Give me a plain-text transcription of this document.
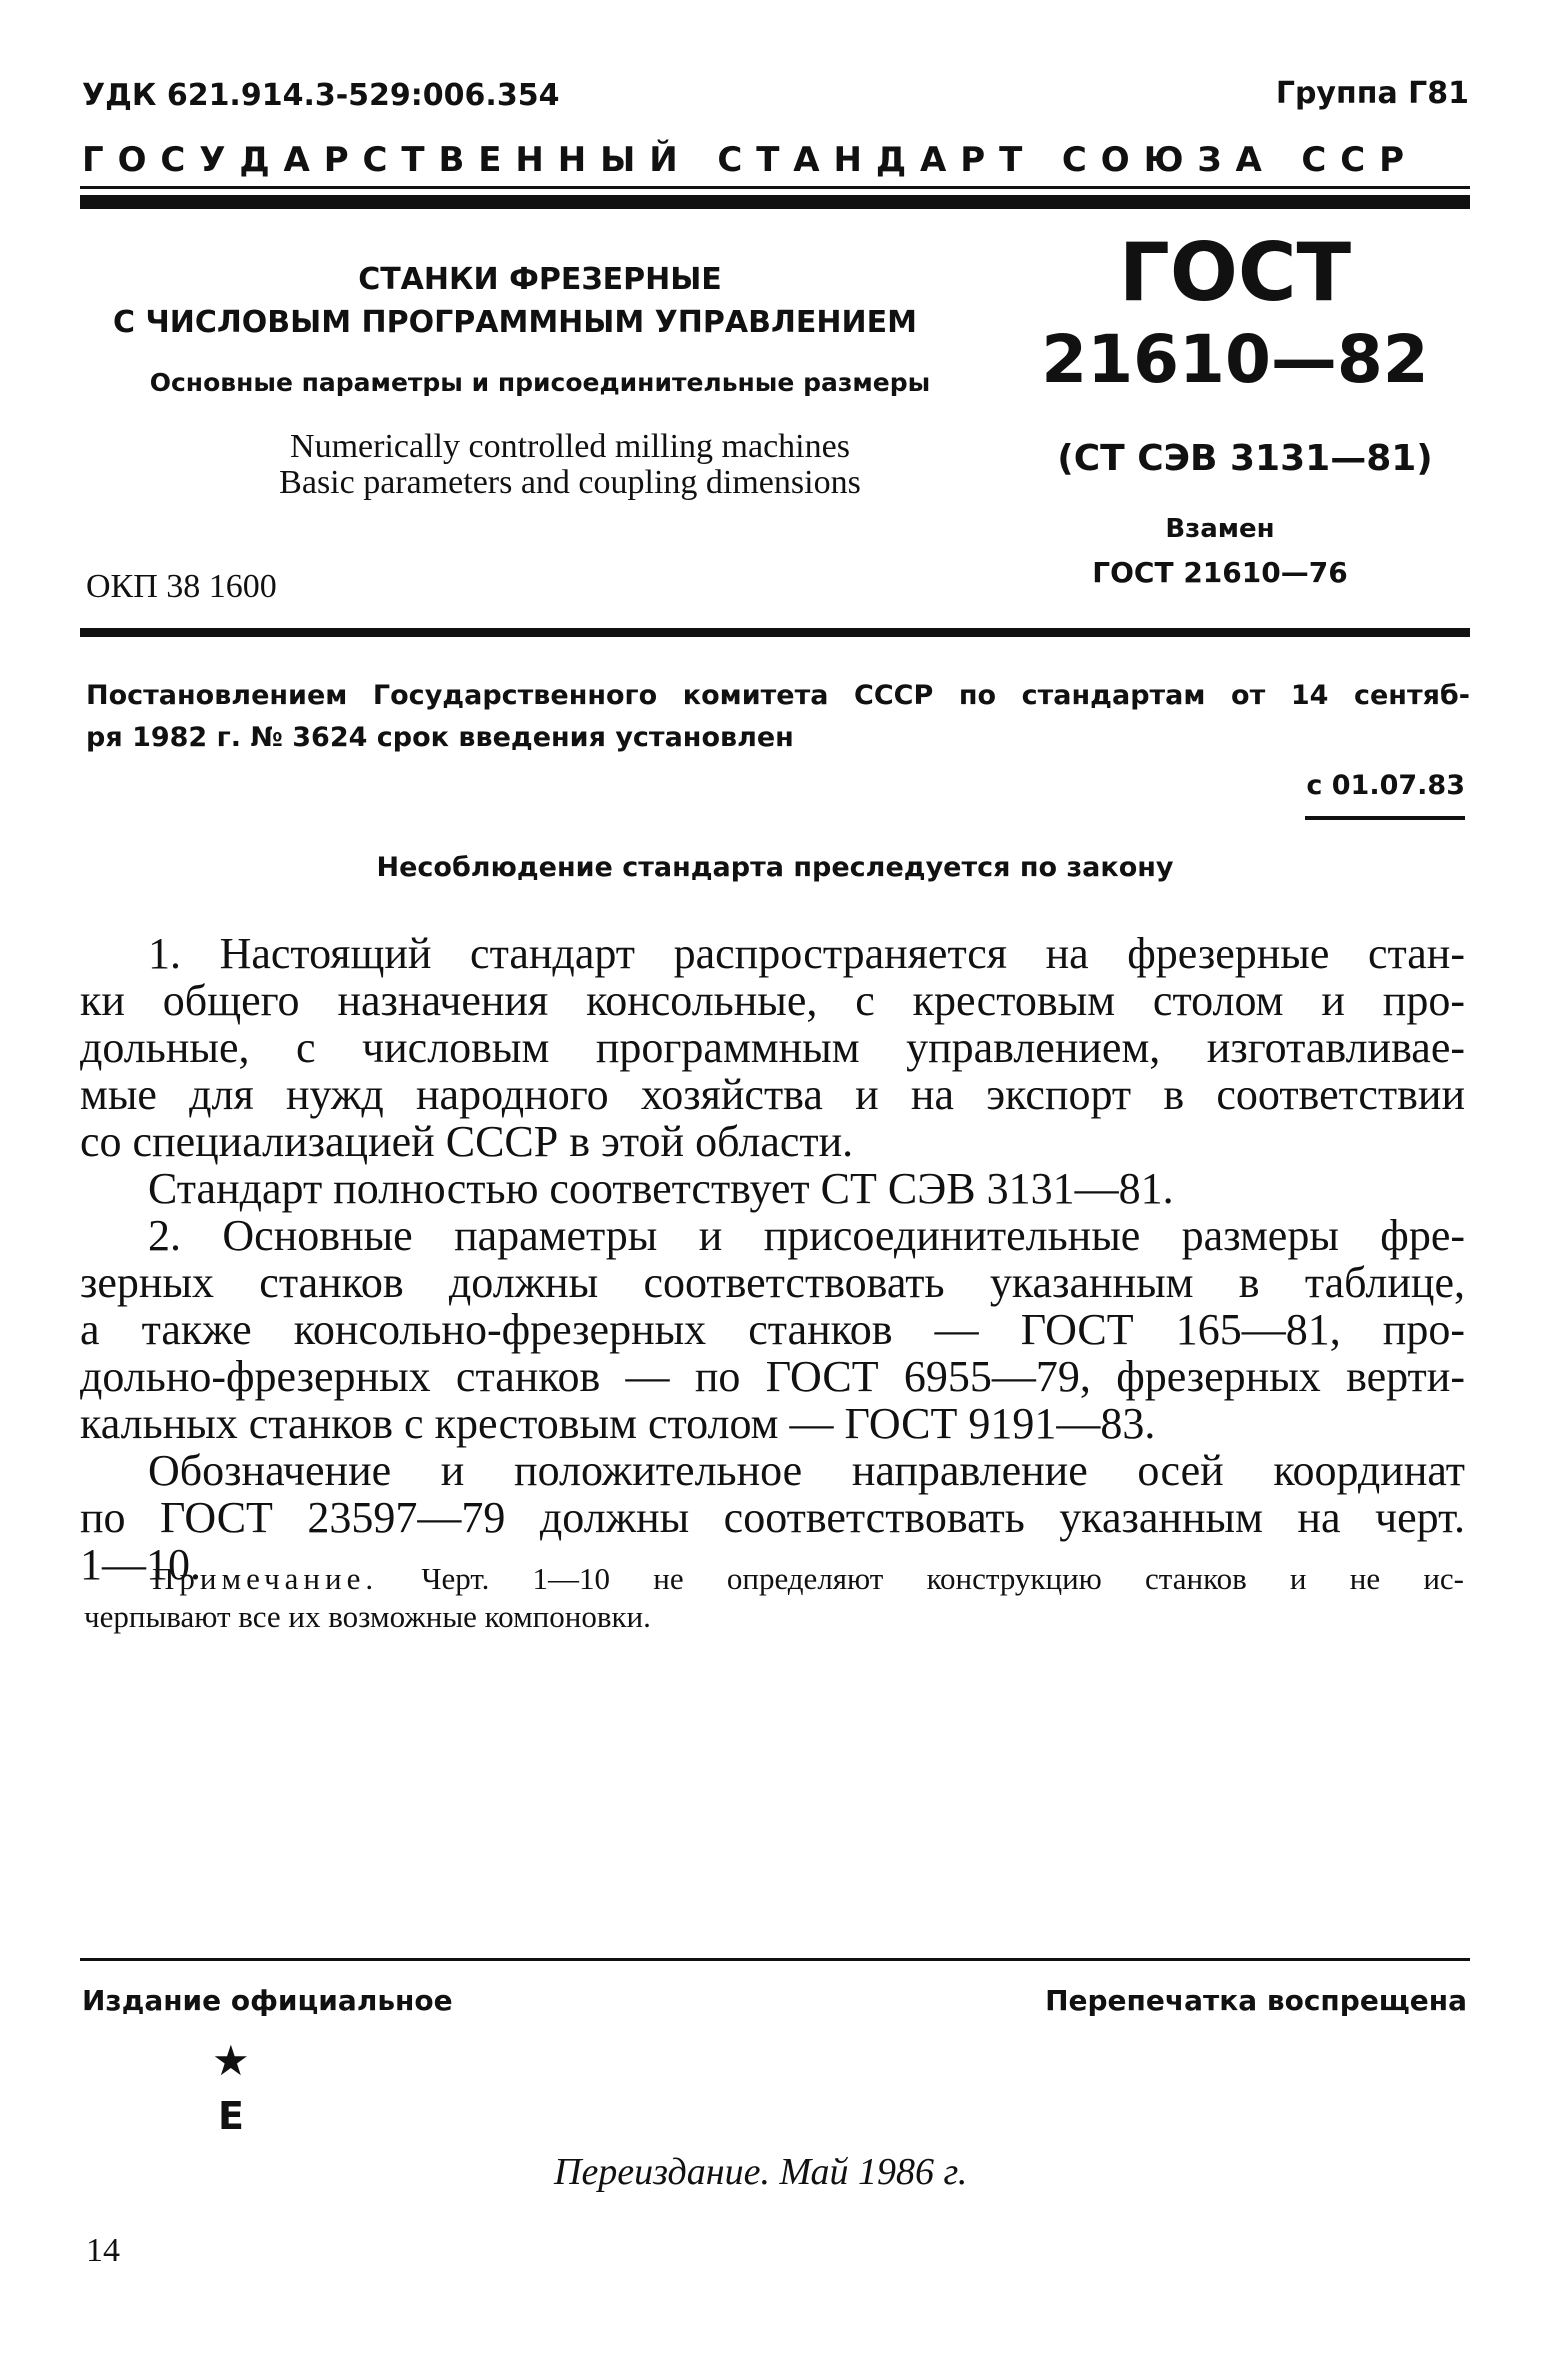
УДК 621.914.3-529:006.354	Группа Г81
ГОСУДАРСТВЕННЫЙ СТАНДАРТ СОЮЗА ССР
СТАНКИ ФРЕЗЕРНЫЕ
С ЧИСЛОВЫМ ПРОГРАММНЫМ УПРАВЛЕНИЕМ
Основные параметры и присоединительные размеры
Numerically controlled milling machines
Basic parameters and coupling dimensions
ОКП 38 1600
ГОСТ
21610—82
(СТ СЭВ 3131—81)
Взамен
ГОСТ 21610—76
Постановлением Государственного комитета СССР по стандартам от 14 сентяб-
ря 1982 г. № 3624 срок введения установлен
с 01.07.83
Несоблюдение стандарта преследуется по закону
1. Настоящий стандарт распространяется на фрезерные стан-
ки общего назначения консольные, с крестовым столом и про-
дольные, с числовым программным управлением, изготавливае-
мые для нужд народного хозяйства и на экспорт в соответствии
со специализацией СССР в этой области.
Стандарт полностью соответствует СТ СЭВ 3131—81.
2. Основные параметры и присоединительные размеры фре-
зерных станков должны соответствовать указанным в таблице,
а также консольно-фрезерных станков — ГОСТ 165—81, про-
дольно-фрезерных станков — по ГОСТ 6955—79, фрезерных верти-
кальных станков с крестовым столом — ГОСТ 9191—83.
Обозначение и положительное направление осей координат
по ГОСТ 23597—79 должны соответствовать указанным на черт.
1—10.
Примечание. Черт. 1—10 не определяют конструкцию станков и не ис-
черпывают все их возможные компоновки.
Издание официальное	Перепечатка воспрещена
★
Е
Переиздание. Май 1986 г.
14
